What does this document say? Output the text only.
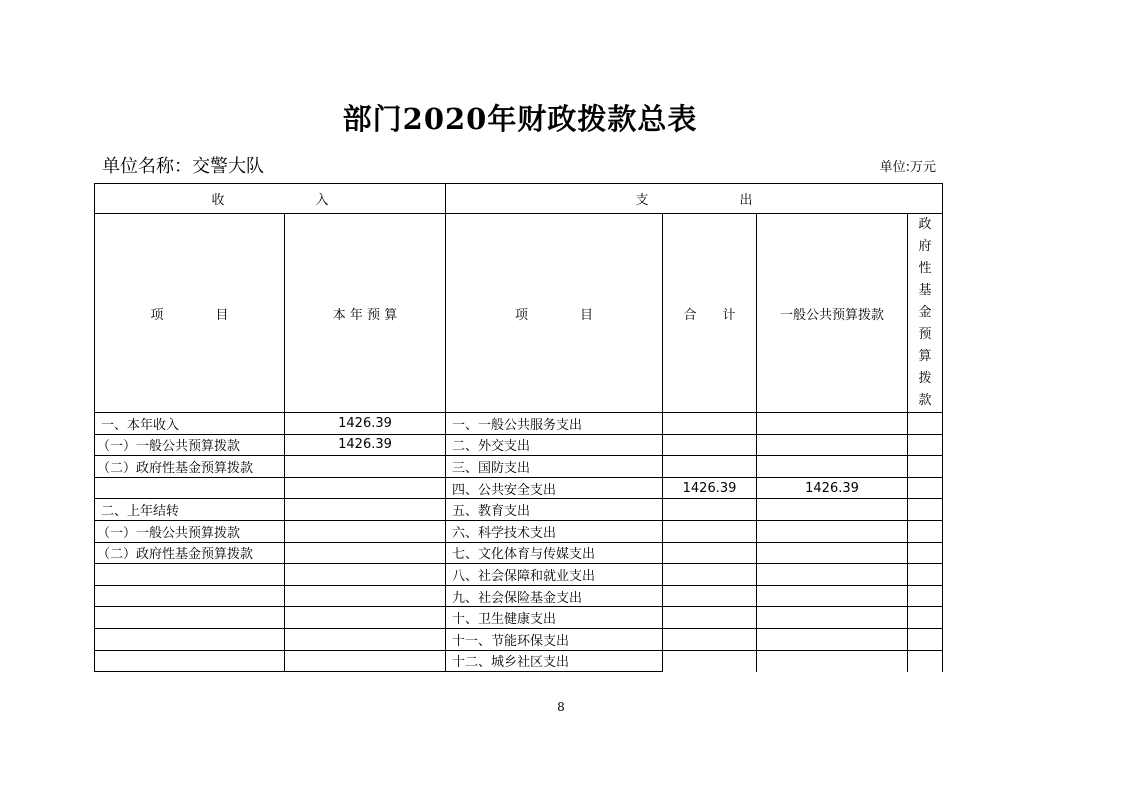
部门2020年财政拨款总表
单位名称：交警大队	单位:万元
收　　　　　　　入		支　　　　　　　出			
项　　　　目	本 年 预 算	项　　　　目	合　　计	一般公共预算拨款	政府性基金预算拨款
一、本年收入	1426.39	一、一般公共服务支出			
（一）一般公共预算拨款	1426.39	二、外交支出			
（二）政府性基金预算拨款		三、国防支出			
		四、公共安全支出	1426.39	1426.39	
二、上年结转		五、教育支出			
（一）一般公共预算拨款		六、科学技术支出			
（二）政府性基金预算拨款		七、文化体育与传媒支出			
		八、社会保障和就业支出			
		九、社会保险基金支出			
		十、卫生健康支出			
		十一、节能环保支出			
		十二、城乡社区支出			
8
